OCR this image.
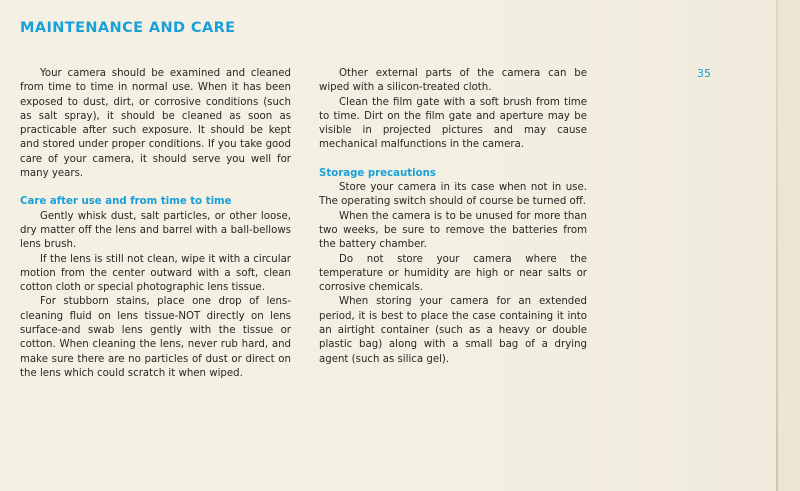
MAINTENANCE AND CARE
35

Your camera should be examined and cleaned from time to time in normal use. When it has been exposed to dust, dirt, or corrosive conditions (such as salt spray), it should be cleaned as soon as practicable after such exposure. It should be kept and stored under proper conditions. If you take good care of your camera, it should serve you well for many years.

Care after use and from time to time

Gently whisk dust, salt particles, or other loose, dry matter off the lens and barrel with a ball-bellows lens brush.

If the lens is still not clean, wipe it with a circular motion from the center outward with a soft, clean cotton cloth or special photographic lens tissue.

For stubborn stains, place one drop of lens-cleaning fluid on lens tissue-NOT directly on lens surface-and swab lens gently with the tissue or cotton. When cleaning the lens, never rub hard, and make sure there are no particles of dust or direct on the lens which could scratch it when wiped.

Other external parts of the camera can be wiped with a silicon-treated cloth.

Clean the film gate with a soft brush from time to time. Dirt on the film gate and aperture may be visible in projected pictures and may cause mechanical malfunctions in the camera.

Storage precautions

Store your camera in its case when not in use. The operating switch should of course be turned off.

When the camera is to be unused for more than two weeks, be sure to remove the batteries from the battery chamber.

Do not store your camera where the temperature or humidity are high or near salts or corrosive chemicals.

When storing your camera for an extended period, it is best to place the case containing it into an airtight container (such as a heavy or double plastic bag) along with a small bag of a drying agent (such as silica gel).
